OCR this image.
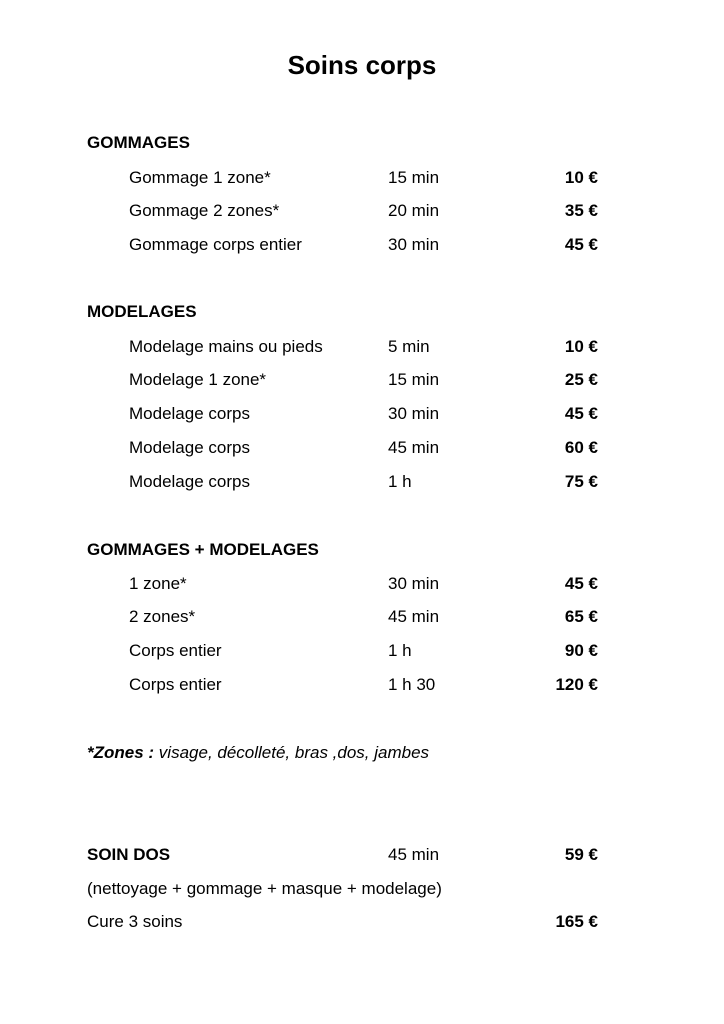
Soins corps
GOMMAGES
Gommage 1 zone*	15 min	10 €
Gommage 2 zones*	20 min	35 €
Gommage corps entier	30 min	45 €
MODELAGES
Modelage mains ou pieds	5 min	10 €
Modelage 1 zone*	15 min	25 €
Modelage corps	30 min	45 €
Modelage corps	45 min	60 €
Modelage corps	1 h	75 €
GOMMAGES + MODELAGES
1 zone*	30 min	45 €
2 zones*	45 min	65 €
Corps entier	1 h	90 €
Corps entier	1 h 30	120 €
*Zones : visage, décolleté, bras ,dos, jambes
SOIN DOS	45 min	59 €
(nettoyage + gommage + masque + modelage)
Cure 3 soins	165 €
